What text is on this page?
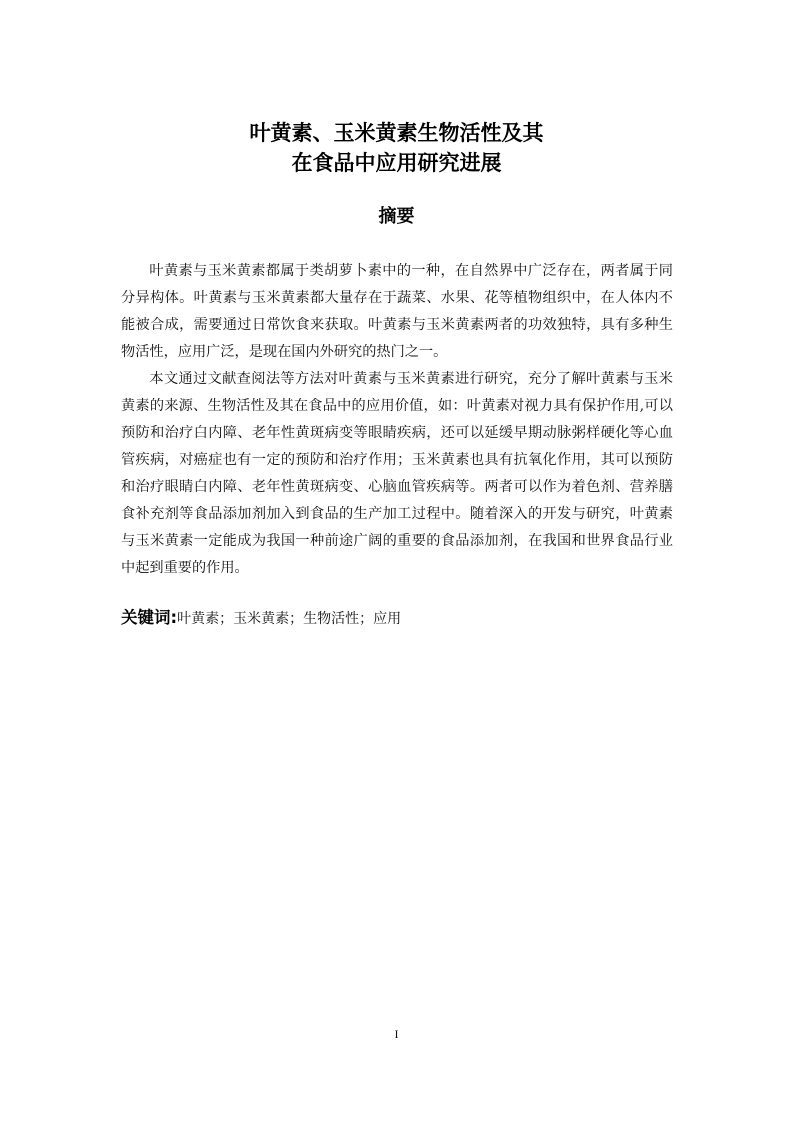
叶黄素、玉米黄素生物活性及其
在食品中应用研究进展
摘要

叶黄素与玉米黄素都属于类胡萝卜素中的一种，在自然界中广泛存在，两者属于同分异构体。叶黄素与玉米黄素都大量存在于蔬菜、水果、花等植物组织中，在人体内不能被合成，需要通过日常饮食来获取。叶黄素与玉米黄素两者的功效独特，具有多种生物活性，应用广泛，是现在国内外研究的热门之一。

本文通过文献查阅法等方法对叶黄素与玉米黄素进行研究，充分了解叶黄素与玉米黄素的来源、生物活性及其在食品中的应用价值，如：叶黄素对视力具有保护作用,可以预防和治疗白内障、老年性黄斑病变等眼睛疾病，还可以延缓早期动脉粥样硬化等心血管疾病，对癌症也有一定的预防和治疗作用；玉米黄素也具有抗氧化作用，其可以预防和治疗眼睛白内障、老年性黄斑病变、心脑血管疾病等。两者可以作为着色剂、营养膳食补充剂等食品添加剂加入到食品的生产加工过程中。随着深入的开发与研究，叶黄素与玉米黄素一定能成为我国一种前途广阔的重要的食品添加剂，在我国和世界食品行业中起到重要的作用。

关键词:叶黄素；玉米黄素；生物活性；应用
I
